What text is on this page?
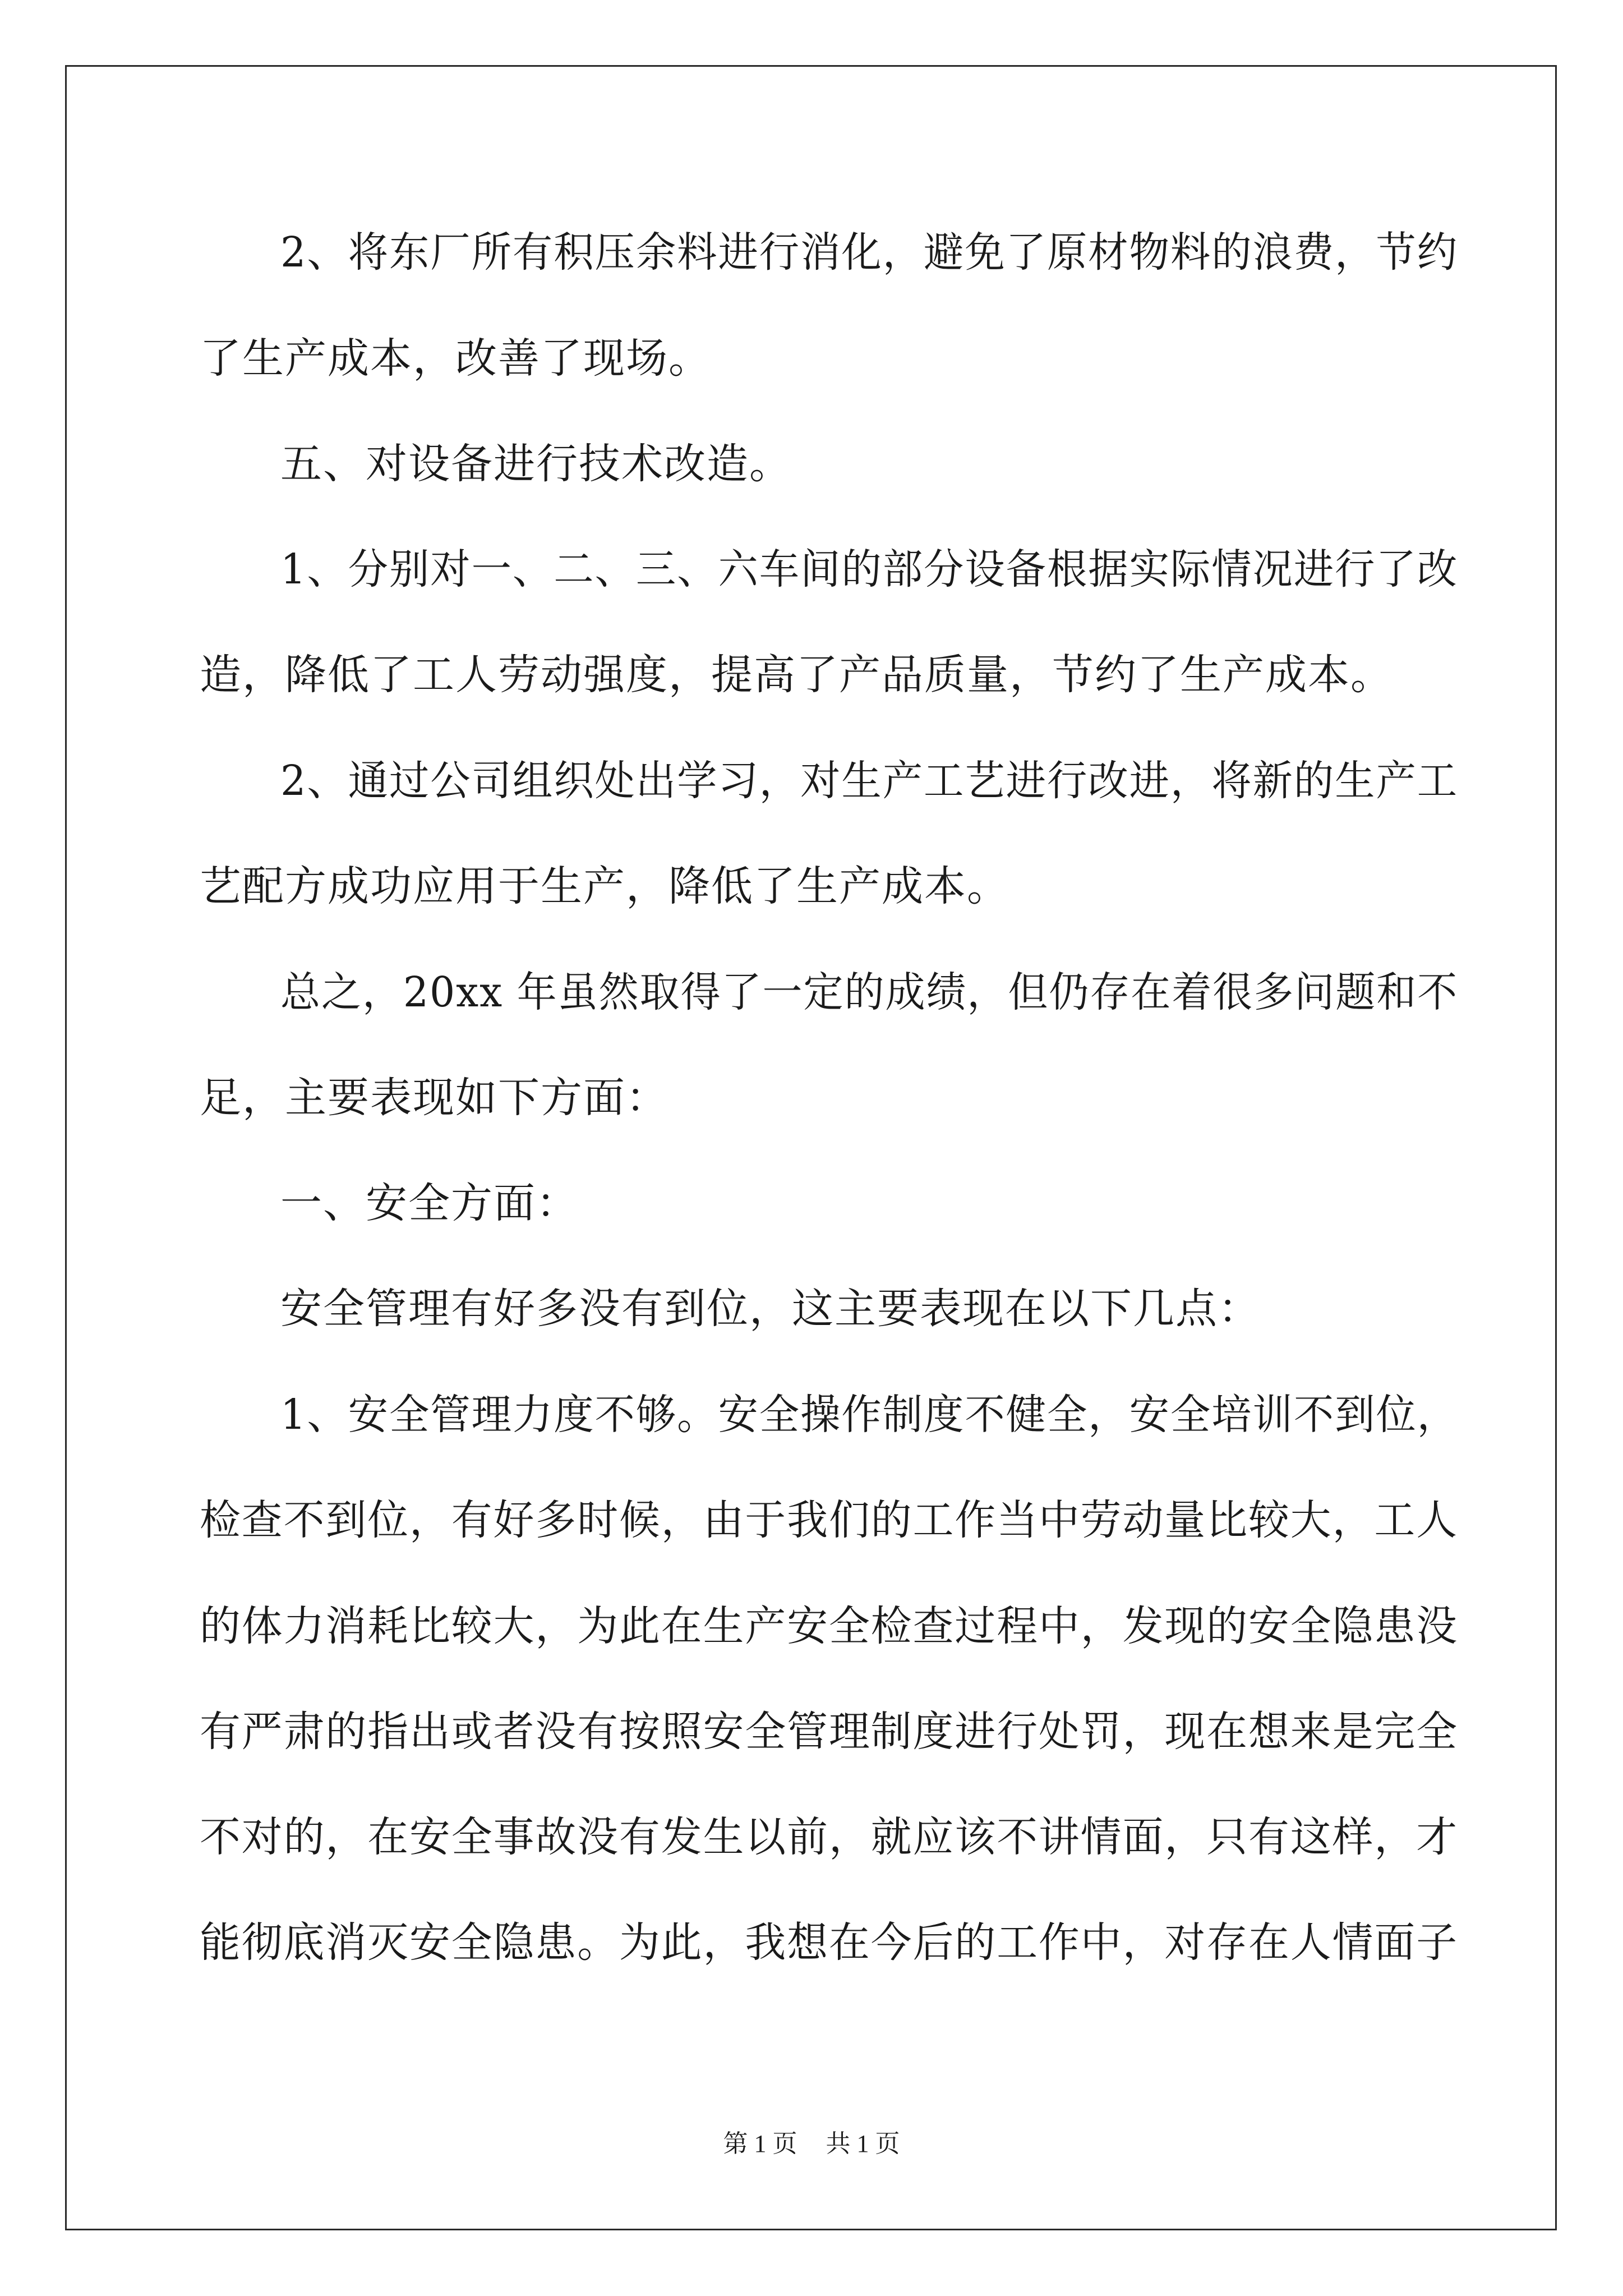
2、将东厂所有积压余料进行消化，避免了原材物料的浪费，节约
了生产成本，改善了现场。
五、对设备进行技术改造。
1、分别对一、二、三、六车间的部分设备根据实际情况进行了改
造，降低了工人劳动强度，提高了产品质量，节约了生产成本。
2、通过公司组织处出学习，对生产工艺进行改进，将新的生产工
艺配方成功应用于生产，降低了生产成本。
总之，20xx 年虽然取得了一定的成绩，但仍存在着很多问题和不
足，主要表现如下方面：
一、安全方面：
安全管理有好多没有到位，这主要表现在以下几点：
1、安全管理力度不够。安全操作制度不健全，安全培训不到位，
检查不到位，有好多时候，由于我们的工作当中劳动量比较大，工人
的体力消耗比较大，为此在生产安全检查过程中，发现的安全隐患没
有严肃的指出或者没有按照安全管理制度进行处罚，现在想来是完全
不对的，在安全事故没有发生以前，就应该不讲情面，只有这样，才
能彻底消灭安全隐患。为此，我想在今后的工作中，对存在人情面子
第 1 页 共 1 页
